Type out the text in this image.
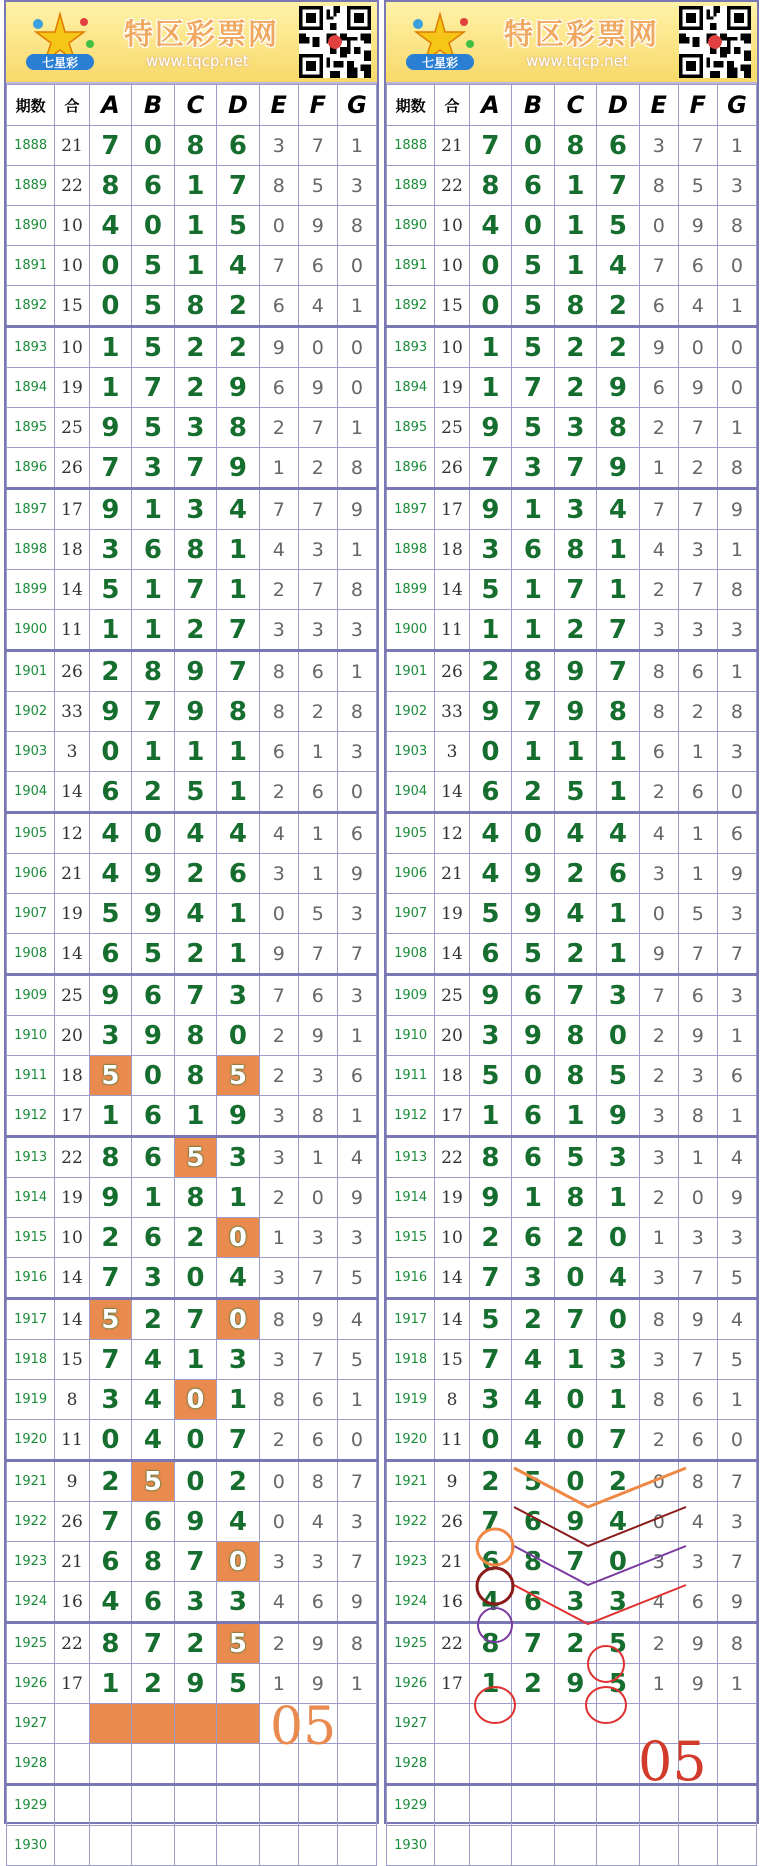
七星彩
特区彩票网
www.tqcp.net
期数	合	A	B	C	D	E	F	G
1888	21	7	0	8	6	3	7	1
1889	22	8	6	1	7	8	5	3
1890	10	4	0	1	5	0	9	8
1891	10	0	5	1	4	7	6	0
1892	15	0	5	8	2	6	4	1
1893	10	1	5	2	2	9	0	0
1894	19	1	7	2	9	6	9	0
1895	25	9	5	3	8	2	7	1
1896	26	7	3	7	9	1	2	8
1897	17	9	1	3	4	7	7	9
1898	18	3	6	8	1	4	3	1
1899	14	5	1	7	1	2	7	8
1900	11	1	1	2	7	3	3	3
1901	26	2	8	9	7	8	6	1
1902	33	9	7	9	8	8	2	8
1903	3	0	1	1	1	6	1	3
1904	14	6	2	5	1	2	6	0
1905	12	4	0	4	4	4	1	6
1906	21	4	9	2	6	3	1	9
1907	19	5	9	4	1	0	5	3
1908	14	6	5	2	1	9	7	7
1909	25	9	6	7	3	7	6	3
1910	20	3	9	8	0	2	9	1
1911	18	5	0	8	5	2	3	6
1912	17	1	6	1	9	3	8	1
1913	22	8	6	5	3	3	1	4
1914	19	9	1	8	1	2	0	9
1915	10	2	6	2	0	1	3	3
1916	14	7	3	0	4	3	7	5
1917	14	5	2	7	0	8	9	4
1918	15	7	4	1	3	3	7	5
1919	8	3	4	0	1	8	6	1
1920	11	0	4	0	7	2	6	0
1921	9	2	5	0	2	0	8	7
1922	26	7	6	9	4	0	4	3
1923	21	6	8	7	0	3	3	7
1924	16	4	6	3	3	4	6	9
1925	22	8	7	2	5	2	9	8
1926	17	1	2	9	5	1	9	1
1927								
1928								
1929								
1930								
05
七星彩
特区彩票网
www.tqcp.net
期数	合	A	B	C	D	E	F	G
1888	21	7	0	8	6	3	7	1
1889	22	8	6	1	7	8	5	3
1890	10	4	0	1	5	0	9	8
1891	10	0	5	1	4	7	6	0
1892	15	0	5	8	2	6	4	1
1893	10	1	5	2	2	9	0	0
1894	19	1	7	2	9	6	9	0
1895	25	9	5	3	8	2	7	1
1896	26	7	3	7	9	1	2	8
1897	17	9	1	3	4	7	7	9
1898	18	3	6	8	1	4	3	1
1899	14	5	1	7	1	2	7	8
1900	11	1	1	2	7	3	3	3
1901	26	2	8	9	7	8	6	1
1902	33	9	7	9	8	8	2	8
1903	3	0	1	1	1	6	1	3
1904	14	6	2	5	1	2	6	0
1905	12	4	0	4	4	4	1	6
1906	21	4	9	2	6	3	1	9
1907	19	5	9	4	1	0	5	3
1908	14	6	5	2	1	9	7	7
1909	25	9	6	7	3	7	6	3
1910	20	3	9	8	0	2	9	1
1911	18	5	0	8	5	2	3	6
1912	17	1	6	1	9	3	8	1
1913	22	8	6	5	3	3	1	4
1914	19	9	1	8	1	2	0	9
1915	10	2	6	2	0	1	3	3
1916	14	7	3	0	4	3	7	5
1917	14	5	2	7	0	8	9	4
1918	15	7	4	1	3	3	7	5
1919	8	3	4	0	1	8	6	1
1920	11	0	4	0	7	2	6	0
1921	9	2	5	0	2	0	8	7
1922	26	7	6	9	4	0	4	3
1923	21	6	8	7	0	3	3	7
1924	16	4	6	3	3	4	6	9
1925	22	8	7	2	5	2	9	8
1926	17	1	2	9	5	1	9	1
1927								
1928								
1929								
1930								
05
